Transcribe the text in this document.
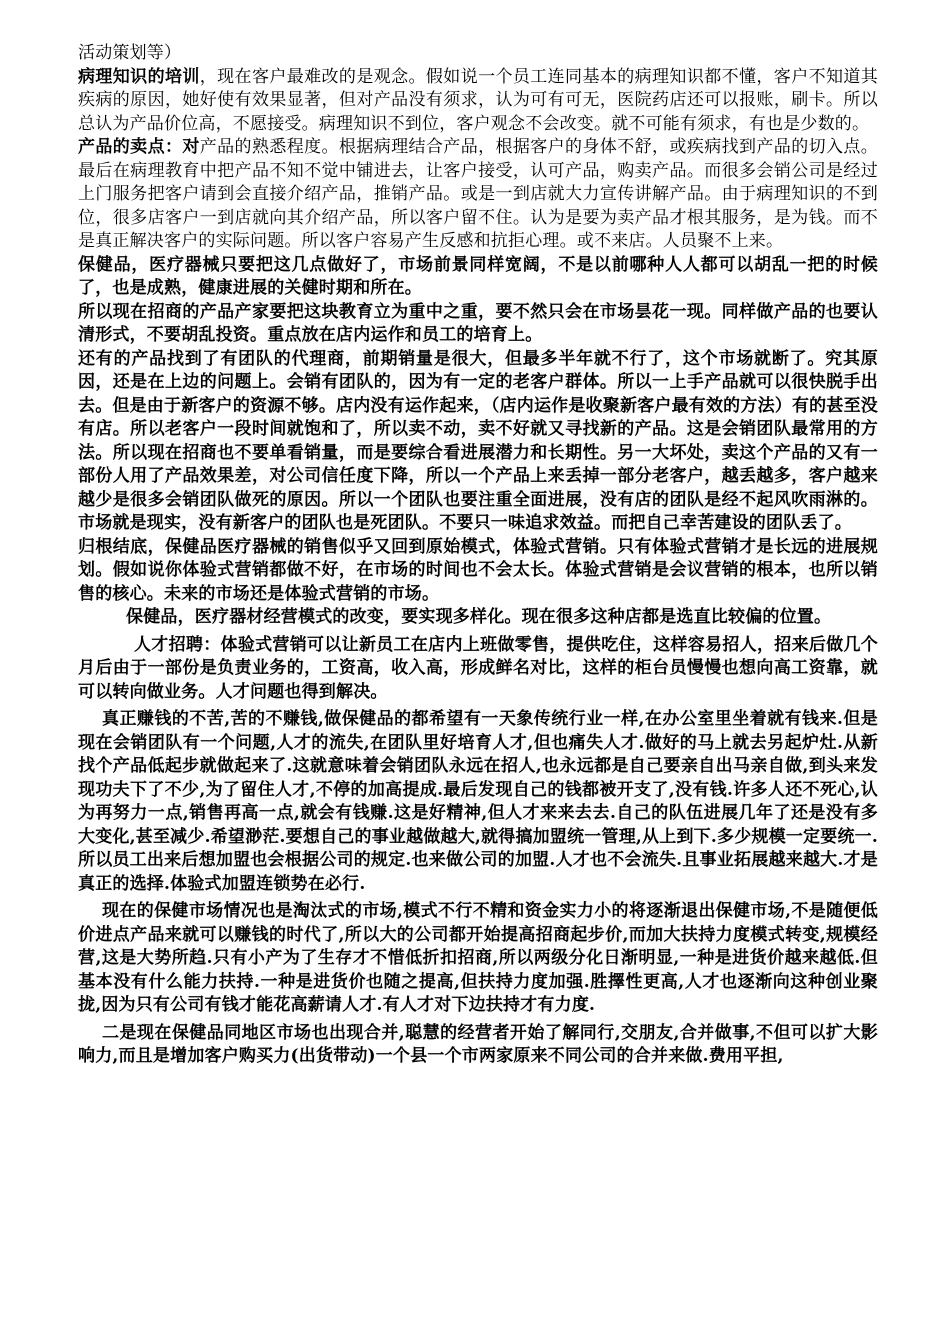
活动策划等）

病理知识的培训，现在客户最难改的是观念。假如说一个员工连同基本的病理知识都不懂，客户不知道其疾病的原因，她好使有效果显著，但对产品没有须求，认为可有可无，医院药店还可以报账，刷卡。所以总认为产品价位高，不愿接受。病理知识不到位，客户观念不会改变。就不可能有须求，有也是少数的。

产品的卖点：对产品的熟悉程度。根据病理结合产品，根据客户的身体不舒，或疾病找到产品的切入点。最后在病理教育中把产品不知不觉中铺进去，让客户接受，认可产品，购卖产品。而很多会销公司是经过上门服务把客户请到会直接介绍产品，推销产品。或是一到店就大力宣传讲解产品。由于病理知识的不到位，很多店客户一到店就向其介绍产品，所以客户留不住。认为是要为卖产品才根其服务，是为钱。而不是真正解决客户的实际问题。所以客户容易产生反感和抗拒心理。或不来店。人员聚不上来。

保健品，医疗器械只要把这几点做好了，市场前景同样宽阔，不是以前哪种人人都可以胡乱一把的时候了，也是成熟，健康进展的关健时期和所在。

所以现在招商的产品产家要把这块教育立为重中之重，要不然只会在市场昙花一现。同样做产品的也要认清形式，不要胡乱投资。重点放在店内运作和员工的培育上。

还有的产品找到了有团队的代理商，前期销量是很大，但最多半年就不行了，这个市场就断了。究其原因，还是在上边的问题上。会销有团队的，因为有一定的老客户群体。所以一上手产品就可以很快脱手出去。但是由于新客户的资源不够。店内没有运作起来，（店内运作是收聚新客户最有效的方法）有的甚至没有店。所以老客户一段时间就饱和了，所以卖不动，卖不好就又寻找新的产品。这是会销团队最常用的方法。所以现在招商也不要单看销量，而是要综合看进展潜力和长期性。另一大坏处，卖这个产品的又有一部份人用了产品效果差，对公司信任度下降，所以一个产品上来丢掉一部分老客户，越丢越多，客户越来越少是很多会销团队做死的原因。所以一个团队也要注重全面进展，没有店的团队是经不起风吹雨淋的。市场就是现实，没有新客户的团队也是死团队。不要只一味追求效益。而把自己幸苦建设的团队丢了。

归根结底，保健品医疗器械的销售似乎又回到原始模式，体验式营销。只有体验式营销才是长远的进展规划。假如说你体验式营销都做不好，在市场的时间也不会太长。体验式营销是会议营销的根本，也所以销售的核心。未来的市场还是体验式营销的市场。

保健品，医疗器材经营模式的改变，要实现多样化。现在很多这种店都是选直比较偏的位置。

人才招聘：体验式营销可以让新员工在店内上班做零售，提供吃住，这样容易招人，招来后做几个月后由于一部份是负责业务的，工资高，收入高，形成鲜名对比，这样的柜台员慢慢也想向高工资靠，就可以转向做业务。人才问题也得到解决。

真正赚钱的不苦,苦的不赚钱,做保健品的都希望有一天象传统行业一样,在办公室里坐着就有钱来.但是现在会销团队有一个问题,人才的流失,在团队里好培育人才,但也痛失人才.做好的马上就去另起炉灶.从新找个产品低起步就做起来了.这就意味着会销团队永远在招人,也永远都是自己要亲自出马亲自做,到头来发现功夫下了不少,为了留住人才,不停的加高提成.最后发现自己的钱都被开支了,没有钱.许多人还不死心,认为再努力一点,销售再高一点,就会有钱赚.这是好精神,但人才来来去去.自己的队伍进展几年了还是没有多大变化,甚至减少.希望渺茫.要想自己的事业越做越大,就得搞加盟统一管理,从上到下.多少规模一定要统一.所以员工出来后想加盟也会根据公司的规定.也来做公司的加盟.人才也不会流失.且事业拓展越来越大.才是真正的选择.体验式加盟连锁势在必行.

现在的保健市场情况也是淘汰式的市场,模式不行不精和资金实力小的将逐渐退出保健市场,不是随便低价进点产品来就可以赚钱的时代了,所以大的公司都开始提高招商起步价,而加大扶持力度模式转变,规模经营,这是大势所趋.只有小产为了生存才不惜低折扣招商,所以两级分化日渐明显,一种是进货价越来越低.但基本没有什么能力扶持.一种是进货价也随之提高,但扶持力度加强.胜擇性更高,人才也逐渐向这种创业聚拢,因为只有公司有钱才能花高薪请人才.有人才对下边扶持才有力度.

二是现在保健品同地区市场也出现合并,聪慧的经营者开始了解同行,交朋友,合并做事,不但可以扩大影响力,而且是增加客户购买力(出货带动)一个县一个市两家原来不同公司的合并来做.费用平担,
